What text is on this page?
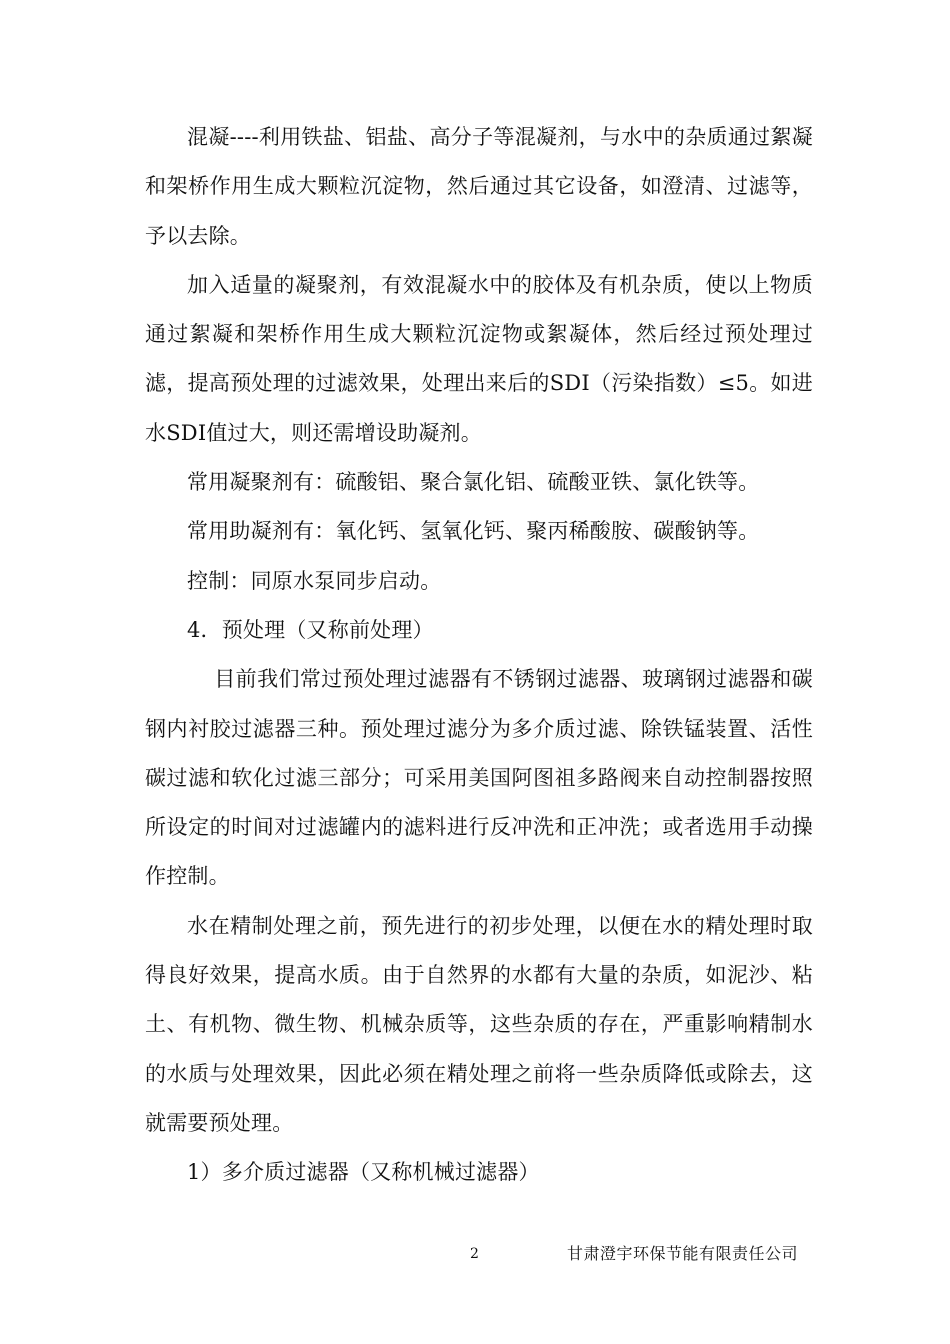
混凝----利用铁盐、铝盐、高分子等混凝剂，与水中的杂质通过絮凝和架桥作用生成大颗粒沉淀物，然后通过其它设备，如澄清、过滤等，予以去除。

加入适量的凝聚剂，有效混凝水中的胶体及有机杂质，使以上物质通过絮凝和架桥作用生成大颗粒沉淀物或絮凝体，然后经过预处理过滤，提高预处理的过滤效果，处理出来后的SDI（污染指数）≤5。如进水SDI值过大，则还需增设助凝剂。

常用凝聚剂有：硫酸铝、聚合氯化铝、硫酸亚铁、氯化铁等。

常用助凝剂有：氧化钙、氢氧化钙、聚丙稀酸胺、碳酸钠等。

控制：同原水泵同步启动。

4．预处理（又称前处理）

目前我们常过预处理过滤器有不锈钢过滤器、玻璃钢过滤器和碳钢内衬胶过滤器三种。预处理过滤分为多介质过滤、除铁锰装置、活性碳过滤和软化过滤三部分；可采用美国阿图祖多路阀来自动控制器按照所设定的时间对过滤罐内的滤料进行反冲洗和正冲洗；或者选用手动操作控制。

水在精制处理之前，预先进行的初步处理，以便在水的精处理时取得良好效果，提高水质。由于自然界的水都有大量的杂质，如泥沙、粘土、有机物、微生物、机械杂质等，这些杂质的存在，严重影响精制水的水质与处理效果，因此必须在精处理之前将一些杂质降低或除去，这就需要预处理。

1）多介质过滤器（又称机械过滤器）

2	甘肃澄宇环保节能有限责任公司
